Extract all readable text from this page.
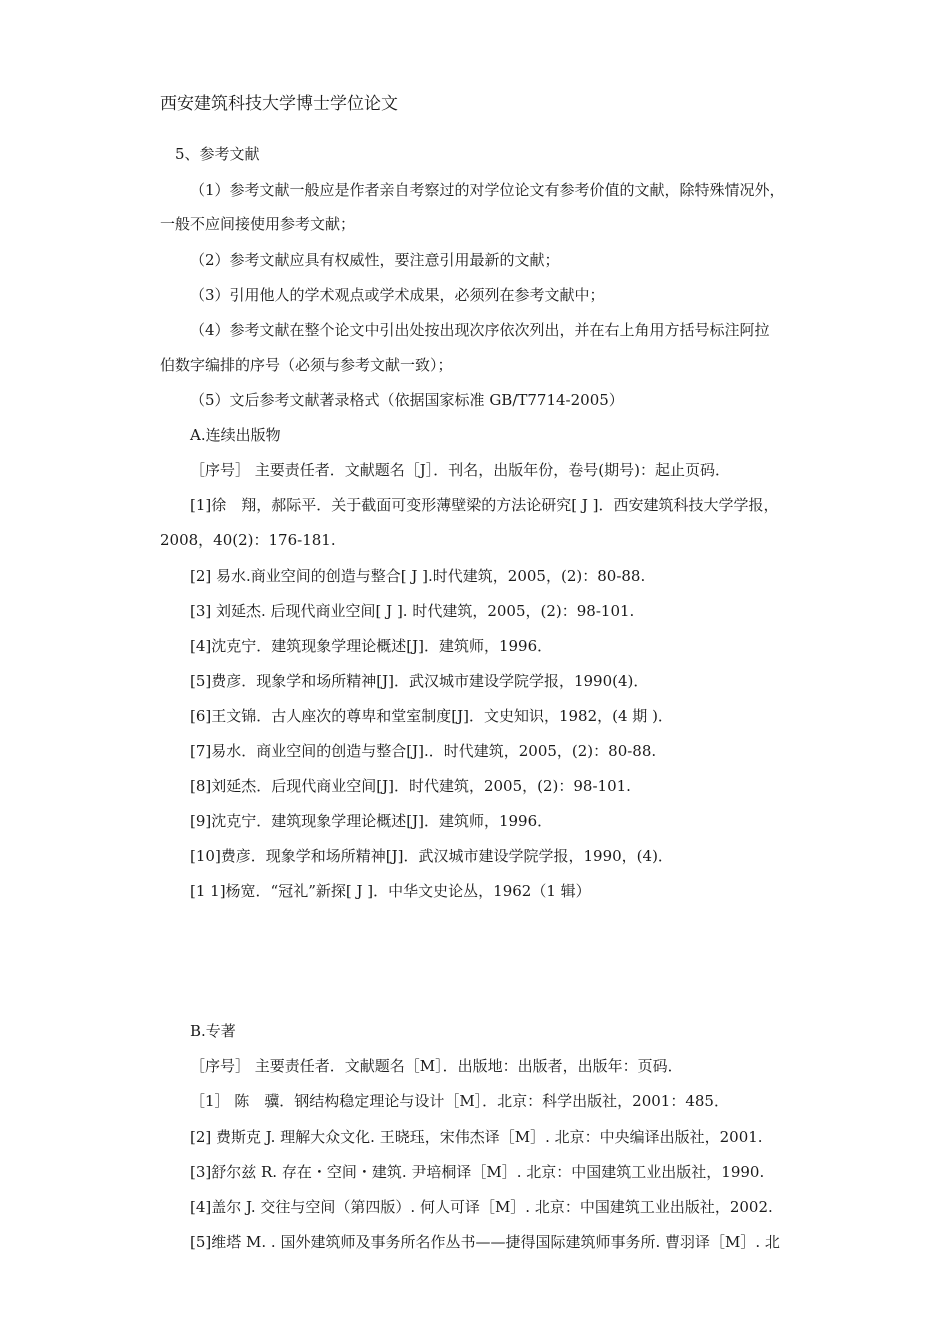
西安建筑科技大学博士学位论文
5、参考文献
（1）参考文献一般应是作者亲自考察过的对学位论文有参考价值的文献，除特殊情况外，
一般不应间接使用参考文献；
（2）参考文献应具有权威性，要注意引用最新的文献；
（3）引用他人的学术观点或学术成果，必须列在参考文献中；
（4）参考文献在整个论文中引出处按出现次序依次列出，并在右上角用方括号标注阿拉
伯数字编排的序号（必须与参考文献一致）；
（5）文后参考文献著录格式（依据国家标准 GB/T7714-2005）
A.连续出版物
［序号］ 主要责任者．文献题名［J］．刊名，出版年份，卷号(期号)：起止页码．
[1]徐　翔，郝际平．关于截面可变形薄壁梁的方法论研究[ J ]．西安建筑科技大学学报，
2008，40(2)：176-181.
[2] 易水.商业空间的创造与整合[ J ].时代建筑，2005，(2)：80-88.
[3] 刘延杰. 后现代商业空间[ J ]. 时代建筑，2005，(2)：98-101.
[4]沈克宁．建筑现象学理论概述[J]．建筑师，1996．
[5]费彦．现象学和场所精神[J]．武汉城市建设学院学报，1990(4)．
[6]王文锦．古人座次的尊卑和堂室制度[J]．文史知识，1982，(4 期 )．
[7]易水．商业空间的创造与整合[J].．时代建筑，2005，(2)：80-88.
[8]刘延杰．后现代商业空间[J]．时代建筑，2005，(2)：98-101.
[9]沈克宁．建筑现象学理论概述[J]．建筑师，1996．
[10]费彦．现象学和场所精神[J]．武汉城市建设学院学报，1990，(4)．
[1 1]杨宽．“冠礼”新探[ J ]．中华文史论丛，1962（1 辑）
B.专著
［序号］ 主要责任者．文献题名［M］．出版地：出版者，出版年：页码．
［1］ 陈　骥．钢结构稳定理论与设计［M］．北京：科学出版社，2001：485．
[2] 费斯克 J. 理解大众文化. 王晓珏，宋伟杰译［M］. 北京：中央编译出版社，2001.
[3]舒尔兹 R. 存在・空间・建筑. 尹培桐译［M］. 北京：中国建筑工业出版社，1990.
[4]盖尔 J. 交往与空间（第四版）. 何人可译［M］. 北京：中国建筑工业出版社，2002.
[5]维塔 M. . 国外建筑师及事务所名作丛书——捷得国际建筑师事务所. 曹羽译［M］. 北
